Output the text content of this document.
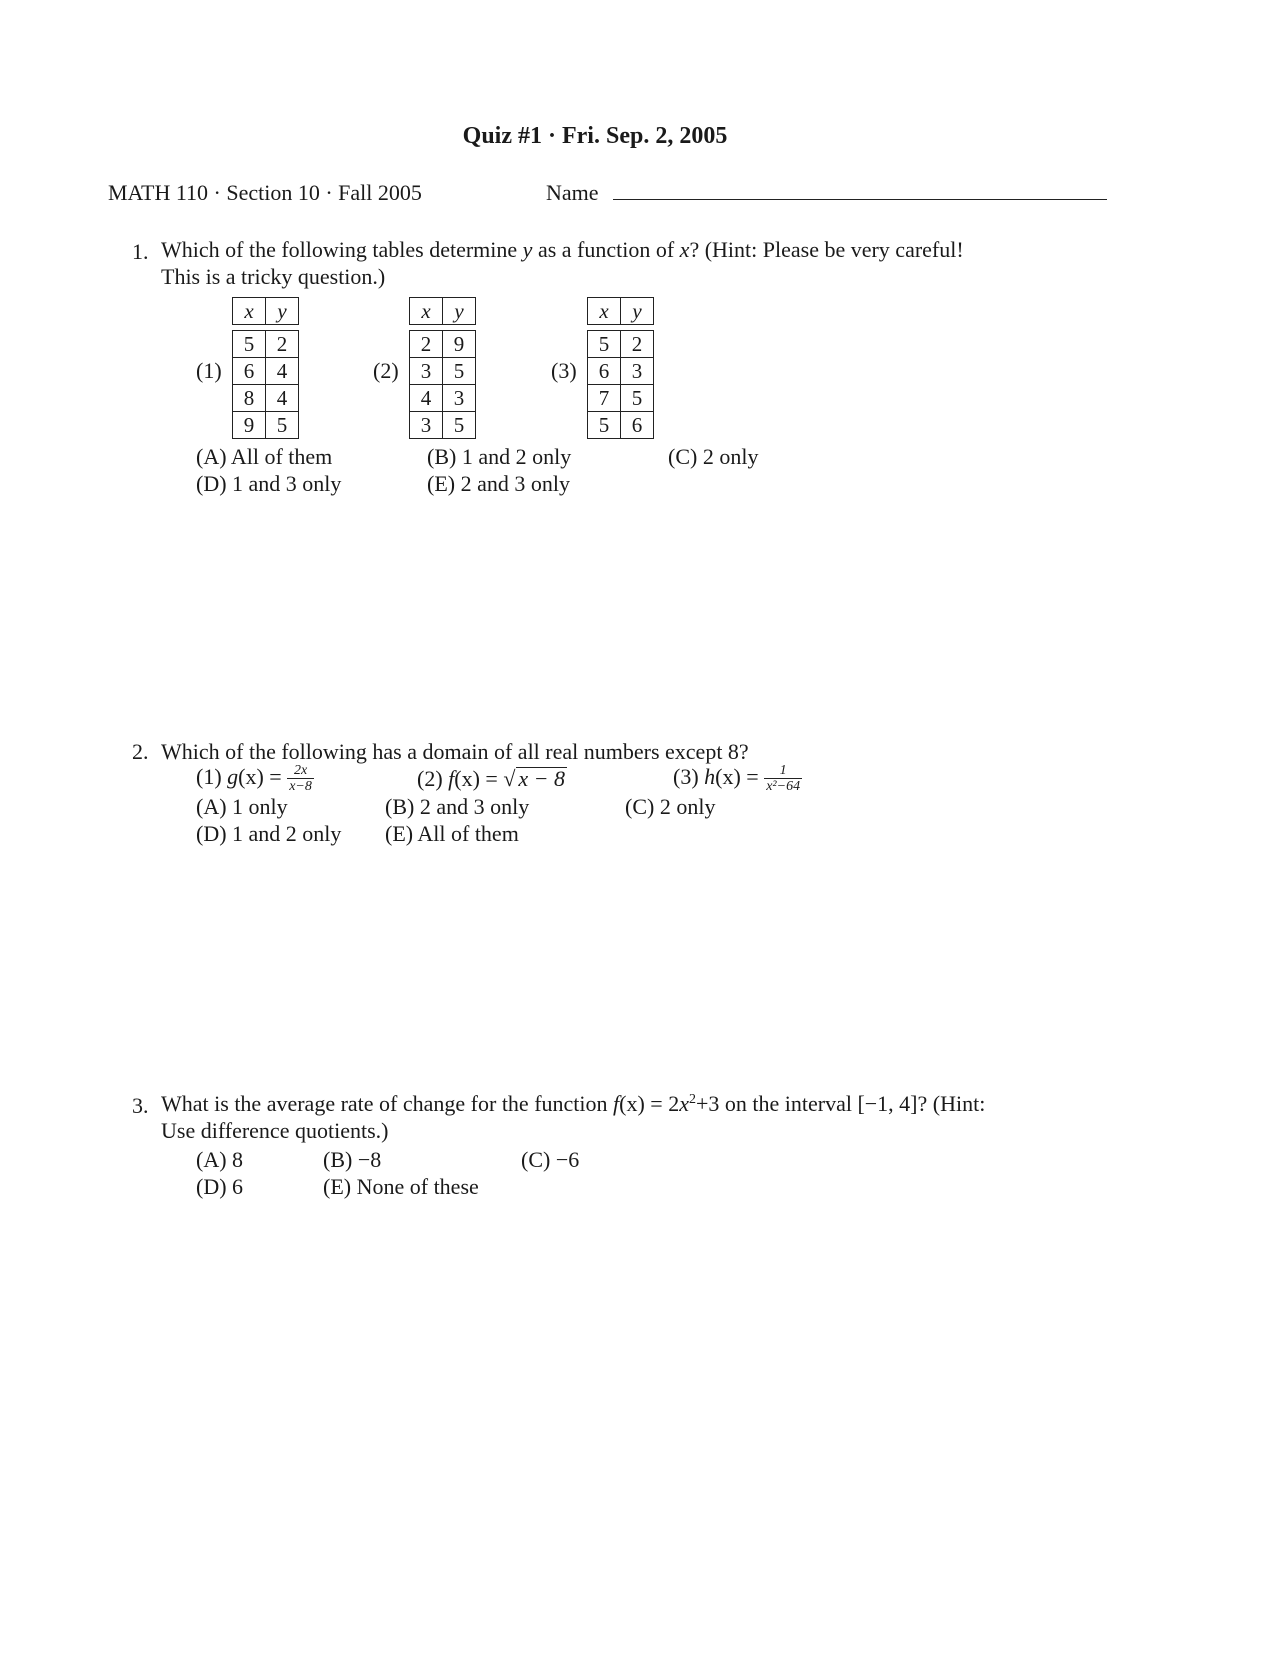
Quiz #1 · Fri. Sep. 2, 2005
MATH 110 · Section 10 · Fall 2005	Name
1. Which of the following tables determine y as a function of x? (Hint: Please be very careful!
This is a tricky question.)
(1)
x	y

5	2
6	4
8	4
9	5
(2)
x	y

2	9
3	5
4	3
3	5
(3)
x	y

5	2
6	3
7	5
5	6
(A) All of them	(B) 1 and 2 only	(C) 2 only
(D) 1 and 3 only	(E) 2 and 3 only
2. Which of the following has a domain of all real numbers except 8?
(1) $g(x) = \frac{2x}{x-8}$	(2) f(x) = √ x − 8	(3) $h(x) = \frac{1}{\text{x²−64}}$
(A) 1 only	(B) 2 and 3 only	(C) 2 only
(D) 1 and 2 only (E) All of them
3. What is the average rate of change for the function $f(x) = 2x^2+3$ on the interval [−1, 4]? (Hint:
Use difference quotients.)
(A) 8	(B) −8	(C) −6
(D) 6	(E) None of these
